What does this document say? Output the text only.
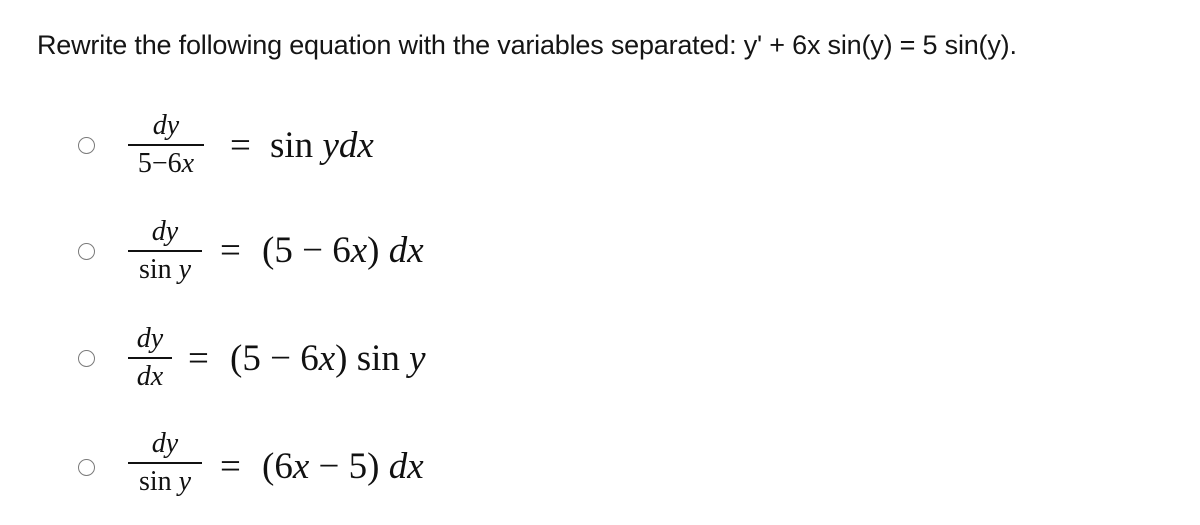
Rewrite the following equation with the variables separated: y' + 6x sin(y) = 5 sin(y).
dy
5−6x = sin ydx
dy
sin y = (5 − 6x) dx
dy
dx = (5 − 6x) sin y
dy
sin y = (6x − 5) dx
